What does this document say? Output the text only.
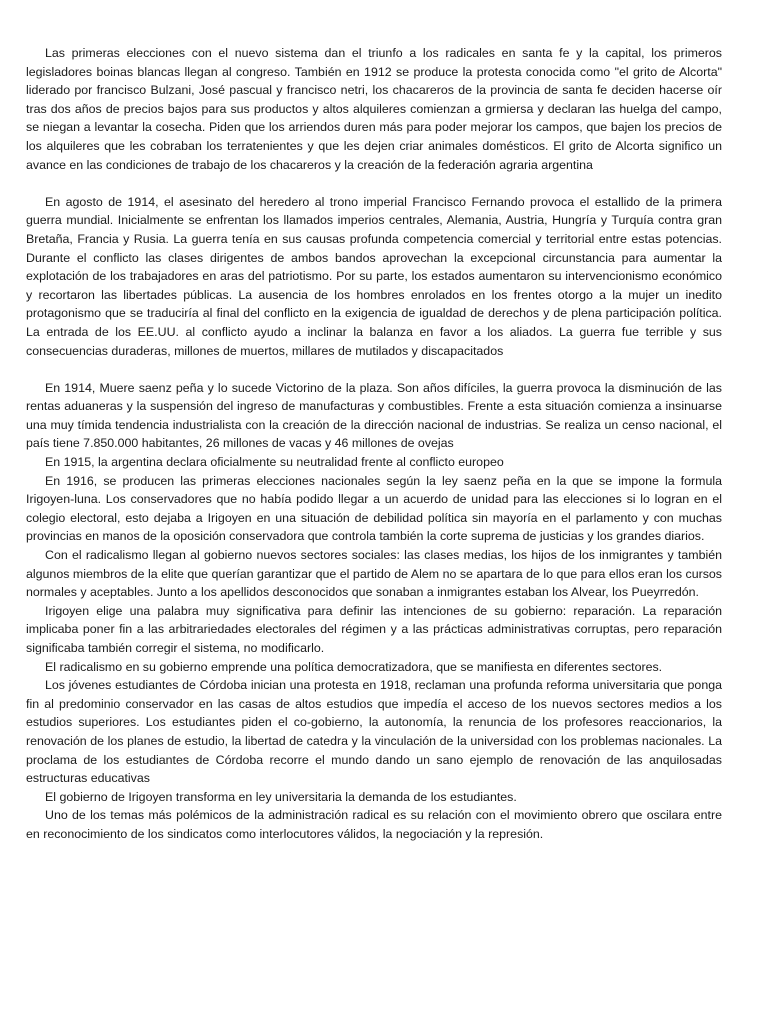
Las primeras elecciones con el nuevo sistema dan el triunfo a los radicales en santa fe y la capital, los primeros legisladores boinas blancas llegan al congreso. También en 1912 se produce la protesta conocida como "el grito de Alcorta" liderado por francisco Bulzani, José pascual y francisco netri, los chacareros de la provincia de santa fe deciden hacerse oír tras dos años de precios bajos para sus productos y altos alquileres comienzan a grmiersa y declaran las huelga del campo, se niegan a levantar la cosecha. Piden que los arriendos duren más para poder mejorar los campos, que bajen los precios de los alquileres que les cobraban los terratenientes y que les dejen criar animales domésticos. El grito de Alcorta significo un avance en las condiciones de trabajo de los chacareros y la creación de la federación agraria argentina

En agosto de 1914, el asesinato del heredero al trono imperial Francisco Fernando provoca el estallido de la primera guerra mundial. Inicialmente se enfrentan los llamados imperios centrales, Alemania, Austria, Hungría y Turquía contra gran Bretaña, Francia y Rusia. La guerra tenía en sus causas profunda competencia comercial y territorial entre estas potencias. Durante el conflicto las clases dirigentes de ambos bandos aprovechan la excepcional circunstancia para aumentar la explotación de los trabajadores en aras del patriotismo. Por su parte, los estados aumentaron su intervencionismo económico y recortaron las libertades públicas. La ausencia de los hombres enrolados en los frentes otorgo a la mujer un inedito protagonismo que se traduciría al final del conflicto en la exigencia de igualdad de derechos y de plena participación política. La entrada de los EE.UU. al conflicto ayudo a inclinar la balanza en favor a los aliados. La guerra fue terrible y sus consecuencias duraderas, millones de muertos, millares de mutilados y discapacitados

En 1914, Muere saenz peña y lo sucede Victorino de la plaza. Son años difíciles, la guerra provoca la disminución de las rentas aduaneras y la suspensión del ingreso de manufacturas y combustibles. Frente a esta situación comienza a insinuarse una muy tímida tendencia industrialista con la creación de la dirección nacional de industrias. Se realiza un censo nacional, el país tiene 7.850.000 habitantes, 26 millones de vacas y 46 millones de ovejas

En 1915, la argentina declara oficialmente su neutralidad frente al conflicto europeo

En 1916, se producen las primeras elecciones nacionales según la ley saenz peña en la que se impone la formula Irigoyen-luna. Los conservadores que no había podido llegar a un acuerdo de unidad para las elecciones si lo logran en el colegio electoral, esto dejaba a Irigoyen en una situación de debilidad política sin mayoría en el parlamento y con muchas provincias en manos de la oposición conservadora que controla también la corte suprema de justicias y los grandes diarios.

Con el radicalismo llegan al gobierno nuevos sectores sociales: las clases medias, los hijos de los inmigrantes y también algunos miembros de la elite que querían garantizar que el partido de Alem no se apartara de lo que para ellos eran los cursos normales y aceptables. Junto a los apellidos desconocidos que sonaban a inmigrantes estaban los Alvear, los Pueyrredón.

Irigoyen elige una palabra muy significativa para definir las intenciones de su gobierno: reparación. La reparación implicaba poner fin a las arbitrariedades electorales del régimen y a las prácticas administrativas corruptas, pero reparación significaba también corregir el sistema, no modificarlo.

El radicalismo en su gobierno emprende una política democratizadora, que se manifiesta en diferentes sectores.

Los jóvenes estudiantes de Córdoba inician una protesta en 1918, reclaman una profunda reforma universitaria que ponga fin al predominio conservador en las casas de altos estudios que impedía el acceso de los nuevos sectores medios a los estudios superiores. Los estudiantes piden el co-gobierno, la autonomía, la renuncia de los profesores reaccionarios, la renovación de los planes de estudio, la libertad de catedra y la vinculación de la universidad con los problemas nacionales. La proclama de los estudiantes de Córdoba recorre el mundo dando un sano ejemplo de renovación de las anquilosadas estructuras educativas

El gobierno de Irigoyen transforma en ley universitaria la demanda de los estudiantes.

Uno de los temas más polémicos de la administración radical es su relación con el movimiento obrero que oscilara entre en reconocimiento de los sindicatos como interlocutores válidos, la negociación y la represión.
